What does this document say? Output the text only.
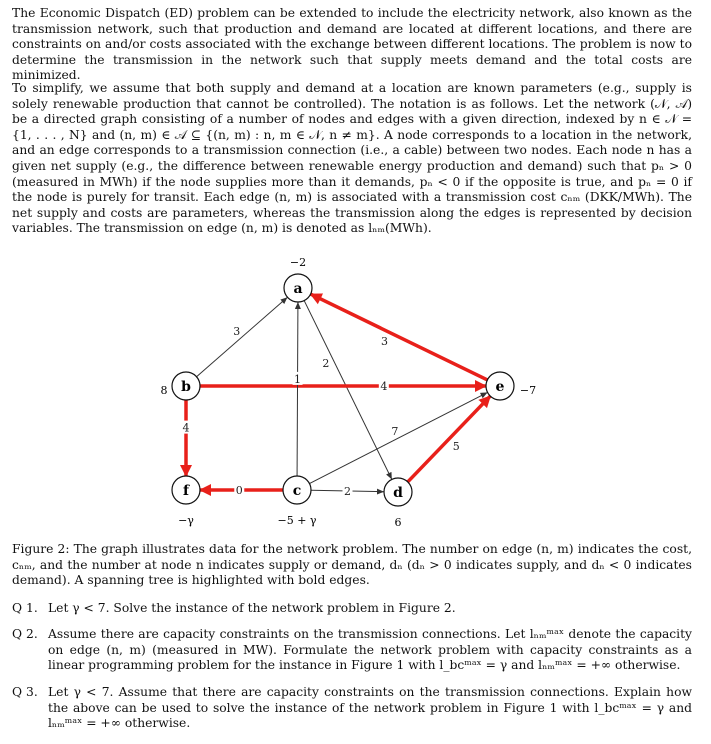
The Economic Dispatch (ED) problem can be extended to include the electricity network, also known as the transmission network, such that production and demand are located at different locations, and there are constraints on and/or costs associated with the exchange between different locations. The problem is now to determine the transmission in the network such that supply meets demand and the total costs are minimized.

To simplify, we assume that both supply and demand at a location are known parameters (e.g., supply is solely renewable production that cannot be controlled). The notation is as follows. Let the network (𝒩, 𝒜) be a directed graph consisting of a number of nodes and edges with a given direction, indexed by n ∈ 𝒩 = {1, . . . , N} and (n, m) ∈ 𝒜 ⊆ {(n, m) : n, m ∈ 𝒩, n ≠ m}. A node corresponds to a location in the network, and an edge corresponds to a transmission connection (i.e., a cable) between two nodes. Each node n has a given net supply (e.g., the difference between renewable energy production and demand) such that pₙ > 0 (measured in MWh) if the node supplies more than it demands, pₙ < 0 if the opposite is true, and pₙ = 0 if the node is purely for transit. Each edge (n, m) is associated with a transmission cost cₙₘ (DKK/MWh). The net supply and costs are parameters, whereas the transmission along the edges is represented by decision variables. The transmission on edge (n, m) is denoted as lₙₘ(MWh).

3
3
2
4
4
1
0	2
7
5
a
−2
b
8
c
−5 + γ
d
6
e −7
f
−γ

Figure 2: The graph illustrates data for the network problem. The number on edge (n, m) indicates the cost, cₙₘ, and the number at node n indicates supply or demand, dₙ (dₙ > 0 indicates supply, and dₙ < 0 indicates demand). A spanning tree is highlighted with bold edges.

Q 1. Let γ < 7. Solve the instance of the network problem in Figure 2.
Q 2. Assume there are capacity constraints on the transmission connections. Let lₙₘᵐᵃˣ denote the capacity on edge (n, m) (measured in MW). Formulate the network problem with capacity constraints as a linear programming problem for the instance in Figure 1 with l_bcᵐᵃˣ = γ and lₙₘᵐᵃˣ = +∞ otherwise.
Q 3. Let γ < 7. Assume that there are capacity constraints on the transmission connections. Explain how the above can be used to solve the instance of the network problem in Figure 1 with l_bcᵐᵃˣ = γ and lₙₘᵐᵃˣ = +∞ otherwise.
